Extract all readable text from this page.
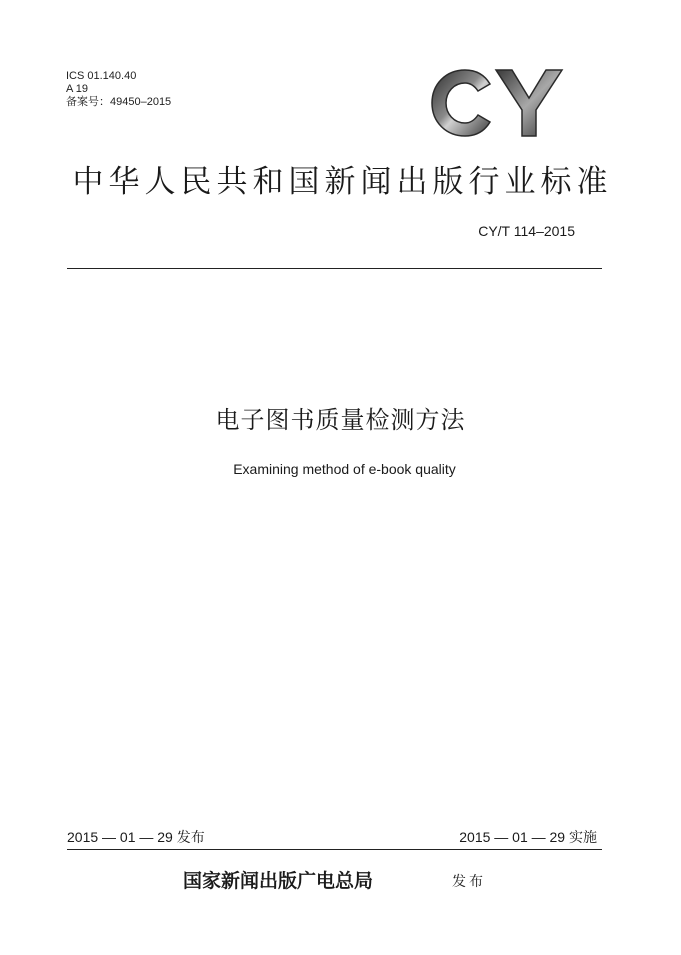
ICS 01.140.40
A 19
备案号：49450–2015
中华人民共和国新闻出版行业标准
CY/T 114–2015
电子图书质量检测方法
Examining method of e-book quality
2015 — 01 — 29 发布	2015 — 01 — 29 实施
国家新闻出版广电总局	发布
